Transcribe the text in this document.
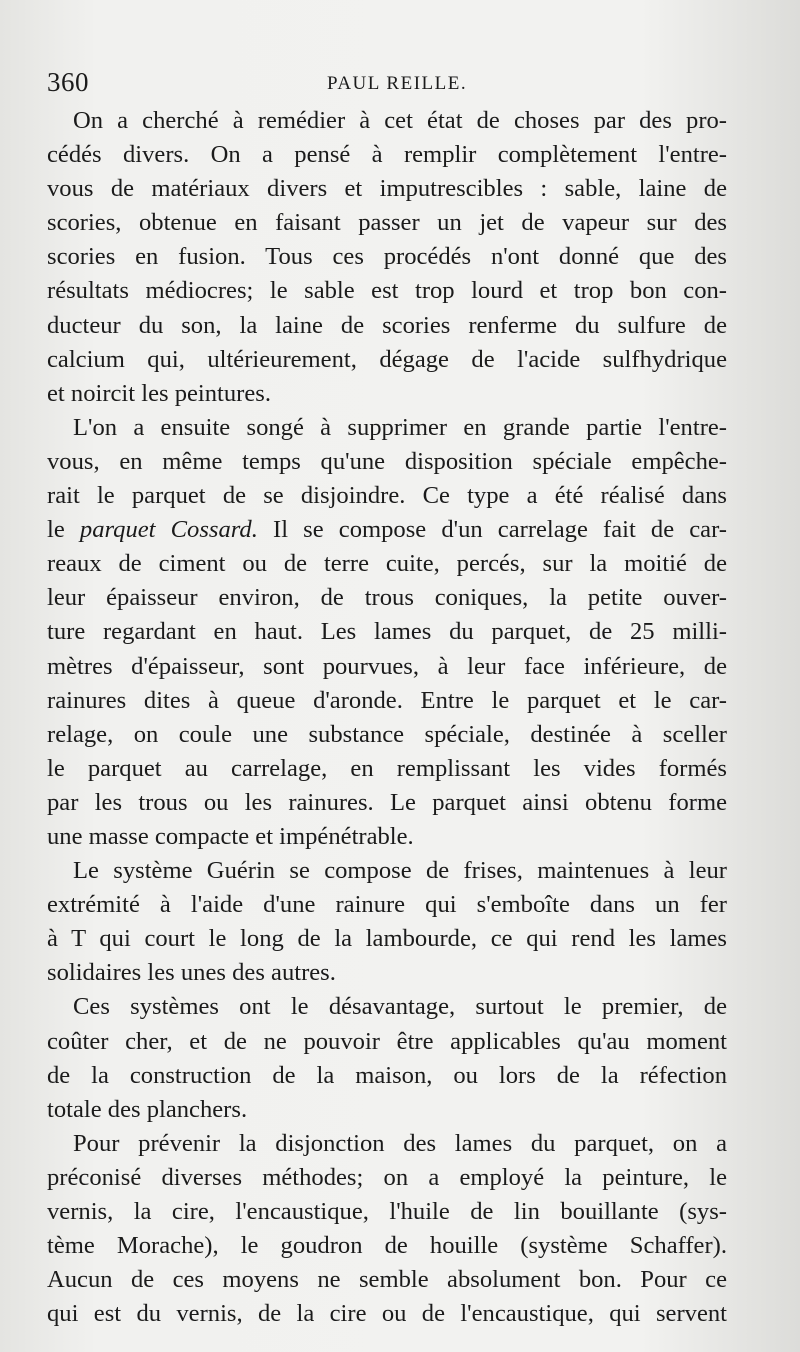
360	PAUL REILLE.

On a cherché à remédier à cet état de choses par des pro-
cédés divers. On a pensé à remplir complètement l'entre-
vous de matériaux divers et imputrescibles : sable, laine de
scories, obtenue en faisant passer un jet de vapeur sur des
scories en fusion. Tous ces procédés n'ont donné que des
résultats médiocres; le sable est trop lourd et trop bon con-
ducteur du son, la laine de scories renferme du sulfure de
calcium qui, ultérieurement, dégage de l'acide sulfhydrique
et noircit les peintures.

L'on a ensuite songé à supprimer en grande partie l'entre-
vous, en même temps qu'une disposition spéciale empêche-
rait le parquet de se disjoindre. Ce type a été réalisé dans
le parquet Cossard. Il se compose d'un carrelage fait de car-
reaux de ciment ou de terre cuite, percés, sur la moitié de
leur épaisseur environ, de trous coniques, la petite ouver-
ture regardant en haut. Les lames du parquet, de 25 milli-
mètres d'épaisseur, sont pourvues, à leur face inférieure, de
rainures dites à queue d'aronde. Entre le parquet et le car-
relage, on coule une substance spéciale, destinée à sceller
le parquet au carrelage, en remplissant les vides formés
par les trous ou les rainures. Le parquet ainsi obtenu forme
une masse compacte et impénétrable.

Le système Guérin se compose de frises, maintenues à leur
extrémité à l'aide d'une rainure qui s'emboîte dans un fer
à T qui court le long de la lambourde, ce qui rend les lames
solidaires les unes des autres.

Ces systèmes ont le désavantage, surtout le premier, de
coûter cher, et de ne pouvoir être applicables qu'au moment
de la construction de la maison, ou lors de la réfection
totale des planchers.

Pour prévenir la disjonction des lames du parquet, on a
préconisé diverses méthodes; on a employé la peinture, le
vernis, la cire, l'encaustique, l'huile de lin bouillante (sys-
tème Morache), le goudron de houille (système Schaffer).
Aucun de ces moyens ne semble absolument bon. Pour ce
qui est du vernis, de la cire ou de l'encaustique, qui servent
